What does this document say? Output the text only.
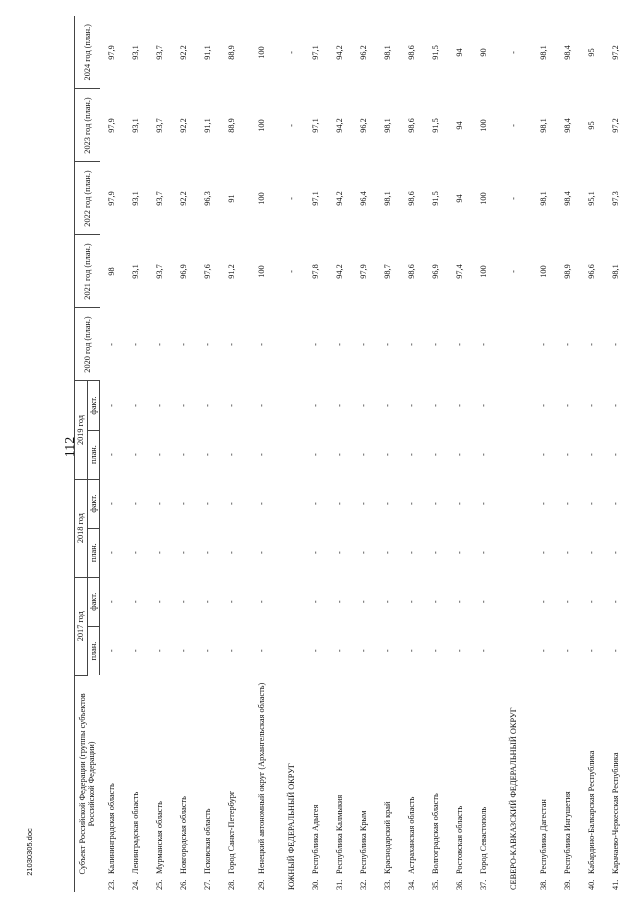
112
Субъект Российской Федерации (группы субъектов Российской Федерации)	2017 год		2018 год		2019 год		2020 год (план.)	2021 год (план.)	2022 год (план.)	2023 год (план.)	2024 год (план.)

	план.	факт.	план.	факт.	план.	факт.					
23.Калининградская область	-	-	-	-	-	-	-	98	97,9	97,9	97,9
24.Ленинградская область	-	-	-	-	-	-	-	93,1	93,1	93,1	93,1
25.Мурманская область	-	-	-	-	-	-	-	93,7	93,7	93,7	93,7
26.Новгородская область	-	-	-	-	-	-	-	96,9	92,2	92,2	92,2
27.Псковская область	-	-	-	-	-	-	-	97,6	96,3	91,1	91,1
28.Город Санкт-Петербург	-	-	-	-	-	-	-	91,2	91	88,9	88,9
29.Ненецкий автономный округ (Архангельская область)	-	-	-	-	-	-	-	100	100	100	100
ЮЖНЫЙ ФЕДЕРАЛЬНЫЙ ОКРУГ								-	-	-	-
30.Республика Адыгея	-	-	-	-	-	-	-	97,8	97,1	97,1	97,1
31.Республика Калмыкия	-	-	-	-	-	-	-	94,2	94,2	94,2	94,2
32.Республика Крым	-	-	-	-	-	-	-	97,9	96,4	96,2	96,2
33.Краснодарский край	-	-	-	-	-	-	-	98,7	98,1	98,1	98,1
34.Астраханская область	-	-	-	-	-	-	-	98,6	98,6	98,6	98,6
35.Волгоградская область	-	-	-	-	-	-	-	96,9	91,5	91,5	91,5
36.Ростовская область	-	-	-	-	-	-	-	97,4	94	94	94
37.Город Севастополь	-	-	-	-	-	-	-	100	100	100	90
СЕВЕРО-КАВКАЗСКИЙ ФЕДЕРАЛЬНЫЙ ОКРУГ								-	-	-	-
38.Республика Дагестан	-	-	-	-	-	-	-	100	98,1	98,1	98,1
39.Республика Ингушетия	-	-	-	-	-	-	-	98,9	98,4	98,4	98,4
40.Кабардино-Балкарская Республика	-	-	-	-	-	-	-	96,6	95,1	95	95
41.Карачаево-Черкесская Республика	-	-	-	-	-	-	-	98,1	97,3	97,2	97,2
21030305.doc
